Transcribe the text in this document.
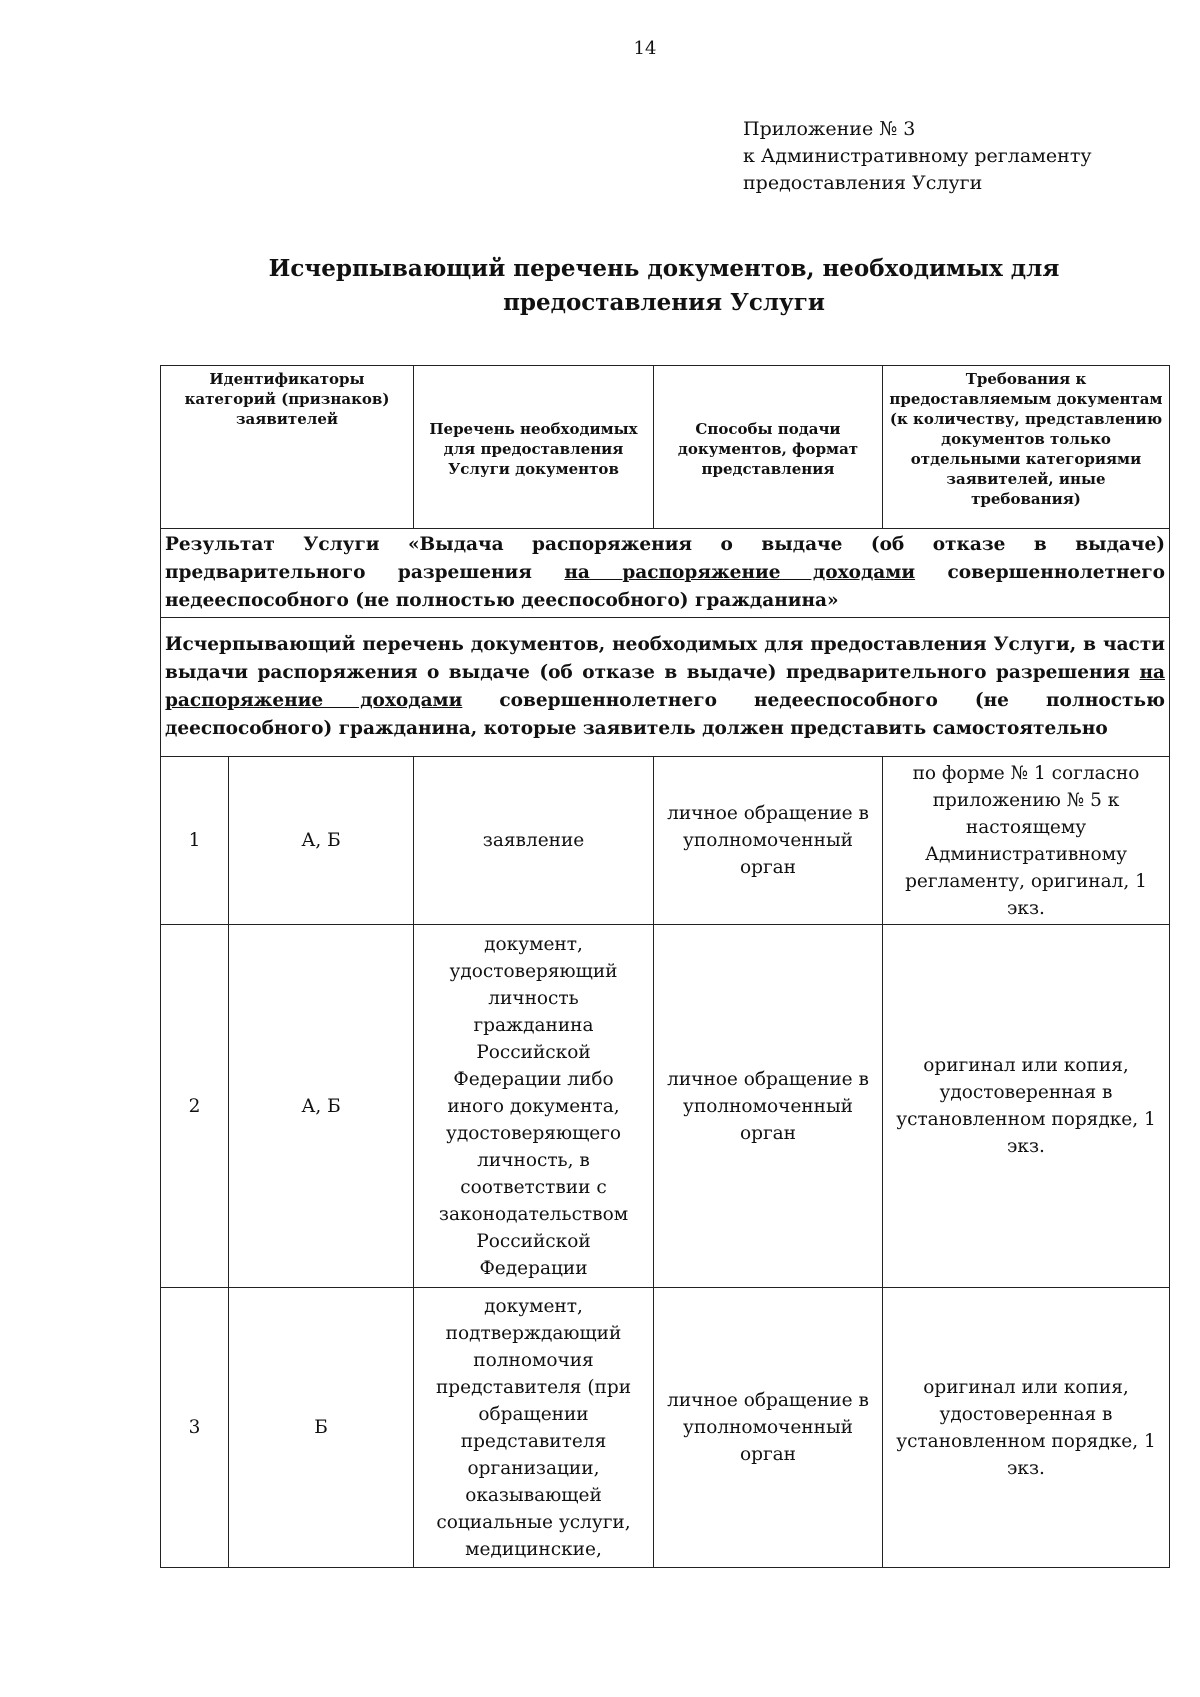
14
Приложение № 3
к Административному регламенту
предоставления Услуги
Исчерпывающий перечень документов, необходимых для
предоставления Услуги
Идентификаторы категорий (признаков) заявителей		Перечень необходимых для предоставления Услуги документов	Способы подачи документов, формат представления	Требования к предоставляемым документам (к количеству, представлению документов только отдельными категориями заявителей, иные требования)
Результат Услуги «Выдача распоряжения о выдаче (об отказе в выдаче) предварительного разрешения на распоряжение доходами совершеннолетнего недееспособного (не полностью дееспособного) гражданина»				
Исчерпывающий перечень документов, необходимых для предоставления Услуги, в части выдачи распоряжения о выдаче (об отказе в выдаче) предварительного разрешения на распоряжение доходами совершеннолетнего недееспособного (не полностью дееспособного) гражданина, которые заявитель должен представить самостоятельно				
1	А, Б	заявление	личное обращение в уполномоченный орган	по форме № 1 согласно приложению № 5 к настоящему Административному регламенту, оригинал, 1 экз.
2	А, Б	документ, удостоверяющий личность гражданина Российской Федерации либо иного документа, удостоверяющего личность, в соответствии с законодательством Российской Федерации	личное обращение в уполномоченный орган	оригинал или копия, удостоверенная в установленном порядке, 1 экз.
3	Б	документ, подтверждающий полномочия представителя (при обращении представителя организации, оказывающей социальные услуги, медицинские,	личное обращение в уполномоченный орган	оригинал или копия, удостоверенная в установленном порядке, 1 экз.
